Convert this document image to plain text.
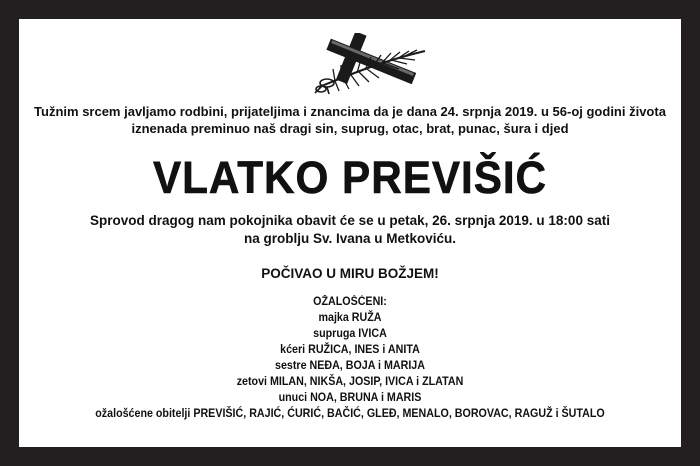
Tužnim srcem javljamo rodbini, prijateljima i znancima da je dana 24. srpnja 2019. u 56-oj godini života
iznenada preminuo naš dragi sin, suprug, otac, brat, punac, šura i djed
VLATKO PREVIŠIĆ
Sprovod dragog nam pokojnika obavit će se u petak, 26. srpnja 2019. u 18:00 sati
na groblju Sv. Ivana u Metkoviću.
POČIVAO U MIRU BOŽJEM!
OŽALOŠĆENI:
majka RUŽA
supruga IVICA
kćeri RUŽICA, INES i ANITA
sestre NEĐA, BOJA i MARIJA
zetovi MILAN, NIKŠA, JOSIP, IVICA i ZLATAN
unuci NOA, BRUNA i MARIS
ožalošćene obitelji PREVIŠIĆ, RAJIĆ, ĆURIĆ, BAČIĆ, GLEĐ, MENALO, BOROVAC, RAGUŽ i ŠUTALO
